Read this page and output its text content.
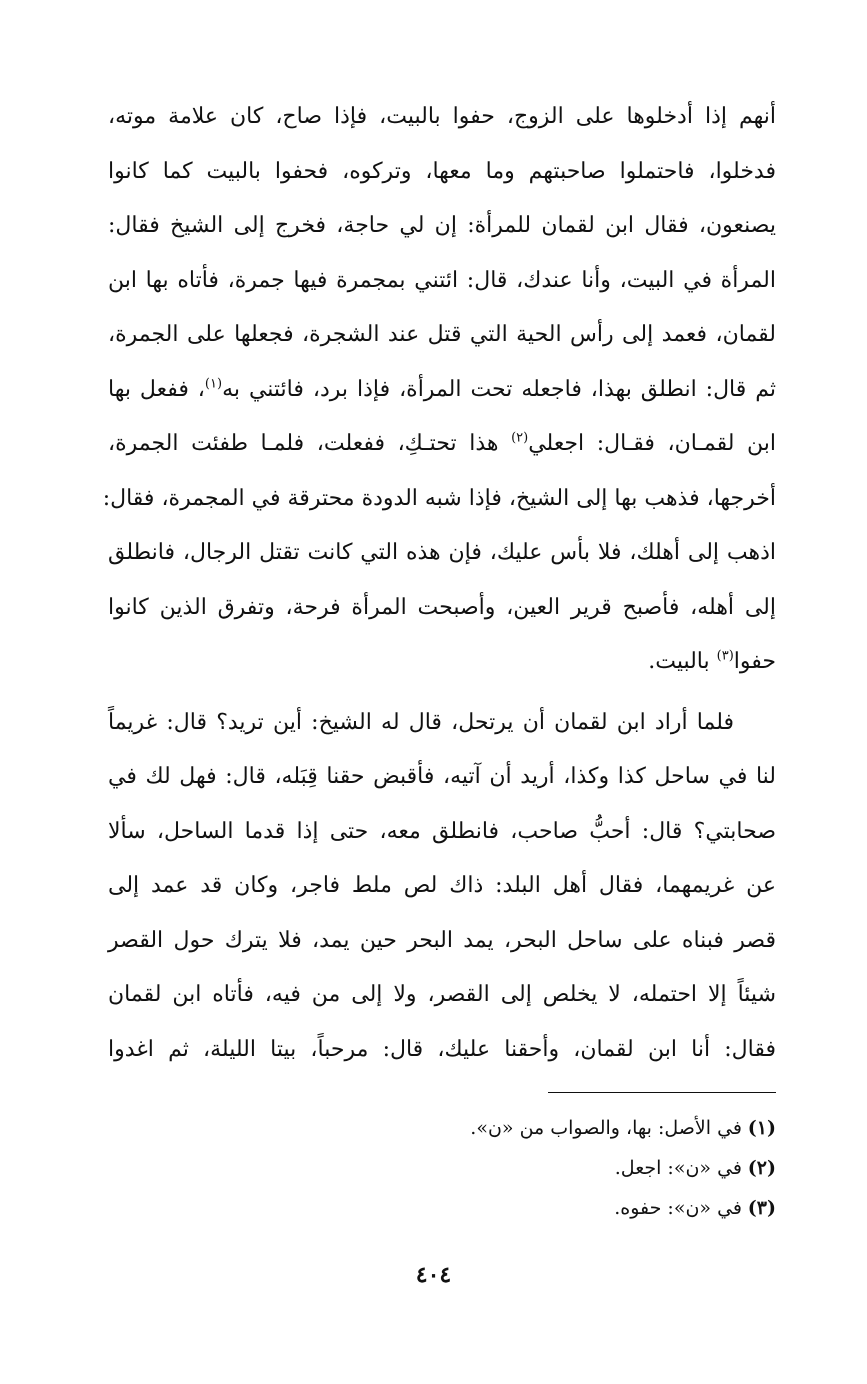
أنهم إذا أدخلوها على الزوج، حفوا بالبيت، فإذا صاح، كان علامة موته،
فدخلوا، فاحتملوا صاحبتهم وما معها، وتركوه، فحفوا بالبيت كما كانوا
يصنعون، فقال ابن لقمان للمرأة: إن لي حاجة، فخرج إلى الشيخ فقال:
المرأة في البيت، وأنا عندك، قال: ائتني بمجمرة فيها جمرة، فأتاه بها ابن
لقمان، فعمد إلى رأس الحية التي قتل عند الشجرة، فجعلها على الجمرة،
ثم قال: انطلق بهذا، فاجعله تحت المرأة، فإذا برد، فائتني به$^{(١)}$، ففعل بها
ابن لقمـان، فقـال: اجعلي$^{(٢)}$ هذا تحتـكِ، ففعلت، فلمـا طفئت الجمرة،
أخرجها، فذهب بها إلى الشيخ، فإذا شبه الدودة محترقة في المجمرة، فقال:
اذهب إلى أهلك، فلا بأس عليك، فإن هذه التي كانت تقتل الرجال، فانطلق
إلى أهله، فأصبح قرير العين، وأصبحت المرأة فرحة، وتفرق الذين كانوا
حفوا$^{(٣)}$ بالبيت.

فلما أراد ابن لقمان أن يرتحل، قال له الشيخ: أين تريد؟ قال: غريماً
لنا في ساحل كذا وكذا، أريد أن آتيه، فأقبض حقنا قِبَله، قال: فهل لك في
صحابتي؟ قال: أحبُّ صاحب، فانطلق معه، حتى إذا قدما الساحل، سألا
عن غريمهما، فقال أهل البلد: ذاك لص ملط فاجر، وكان قد عمد إلى
قصر فبناه على ساحل البحر، يمد البحر حين يمد، فلا يترك حول القصر
شيئاً إلا احتمله، لا يخلص إلى القصر، ولا إلى من فيه، فأتاه ابن لقمان
فقال: أنا ابن لقمان، وأحقنا عليك، قال: مرحباً، بيتا الليلة، ثم اغدوا

(١)في الأصل: بها، والصواب من «ن».
(٢)في «ن»: اجعل.
(٣)في «ن»: حفوه.
٤٠٤
